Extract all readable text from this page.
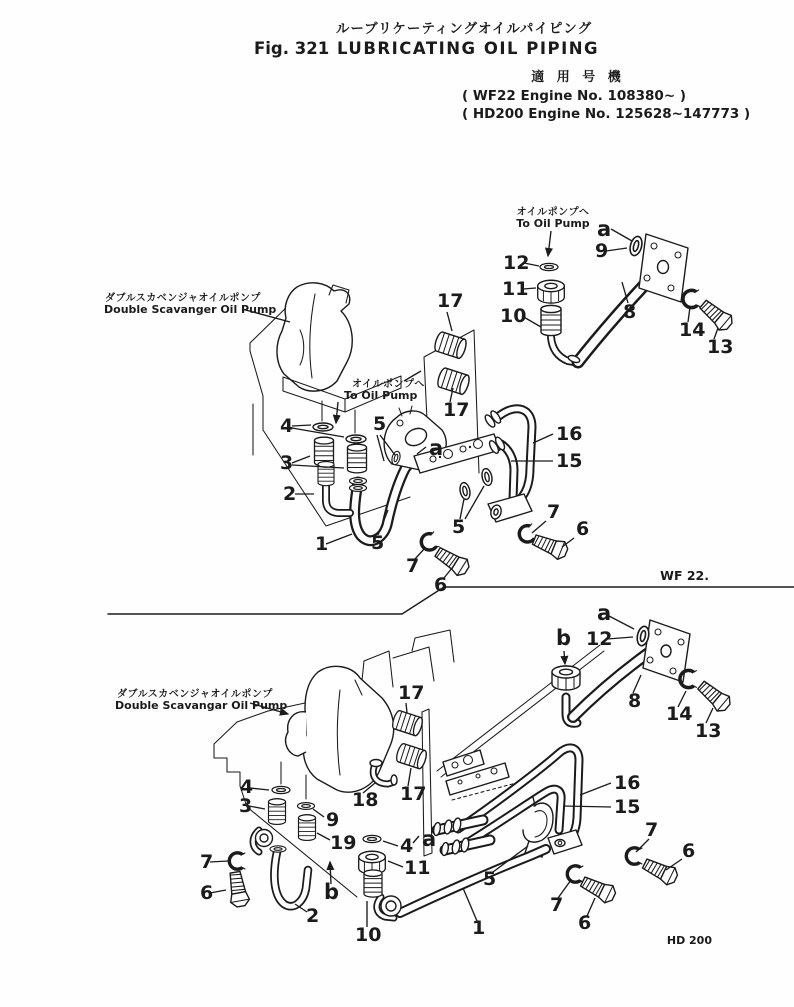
ルーブリケーティングオイルパイピング
Fig. 321 LUBRICATING OIL PIPING
適 用 号 機
( WF22 Engine No. 108380~ )
( HD200 Engine No. 125628~147773 )
WF 22.
ダブルスカベンジャオイルポンプ
Double Scavanger Oil Pump
オイルポンプへ
To Oil Pump
オイルポンプへ
To Oil Pump
17
17
12
11
10
a
9
8
14
13
4
3
5
a
2
1 5
5
7
6
7
6
16
15
ダブルスカベンジャオイルポンプ
Double Scavangar Oil Pump
HD 200
a
12
b
8
14
13
17
17
18
4
3
9
19
7
6
2
b
4
11
10	1
a
5
16
15
7
6
7
6
